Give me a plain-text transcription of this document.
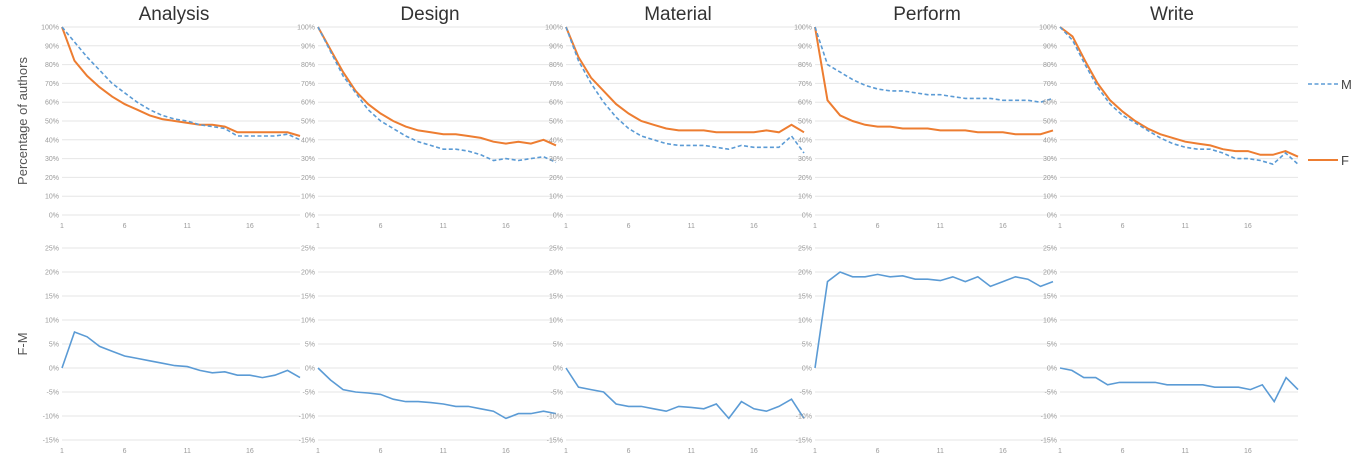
Percentage of authors
F-M
Analysis
0%
10%
20%
30%
40%
50%
60%
70%
80%
90%
100%
-15%
-10%
-5%
0%
5%
10%
15%
20%
25%
1
1
6
6
11
11
16
16
Design
0%
10%
20%
30%
40%
50%
60%
70%
80%
90%
100%
-15%
-10%
-5%
0%
5%
10%
15%
20%
25%
1
1
6
6
11
11
16
16
Material
0%
10%
20%
30%
40%
50%
60%
70%
80%
90%
100%
-15%
-10%
-5%
0%
5%
10%
15%
20%
25%
1
1
6
6
11
11
16
16
Perform
0%
10%
20%
30%
40%
50%
60%
70%
80%
90%
100%
-15%
-10%
-5%
0%
5%
10%
15%
20%
25%
1
1
6
6
11
11
16
16
Write
0%
10%
20%
30%
40%
50%
60%
70%
80%
90%
100%
-15%
-10%
-5%
0%
5%
10%
15%
20%
25%
1
1
6
6
11
11
16
16
M
F
